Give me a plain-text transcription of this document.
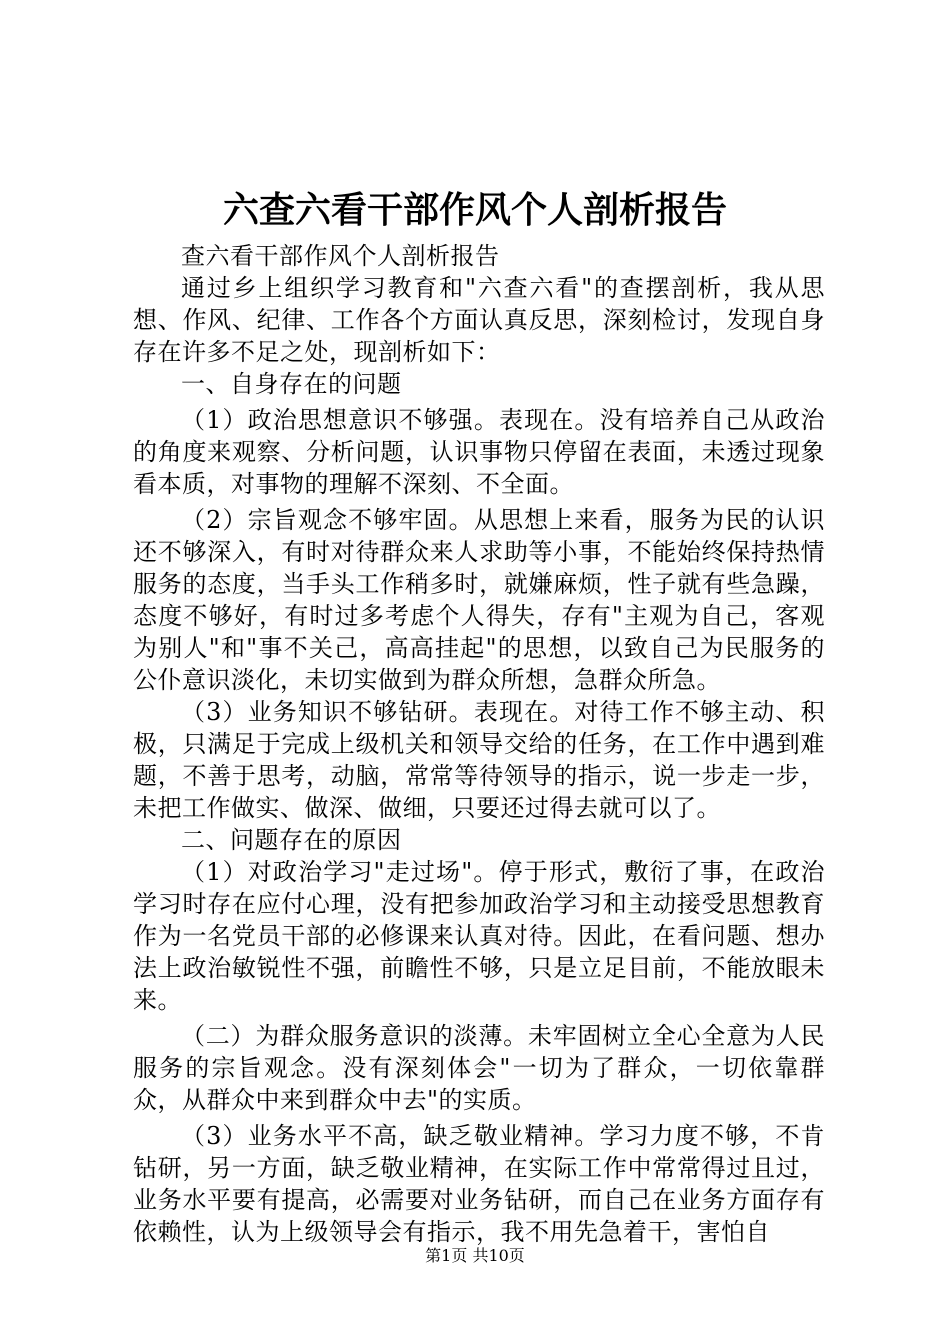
六查六看干部作风个人剖析报告

查六看干部作风个人剖析报告

通过乡上组织学习教育和"六查六看"的查摆剖析，我从思想、作风、纪律、工作各个方面认真反思，深刻检讨，发现自身存在许多不足之处，现剖析如下：

一、自身存在的问题

（1）政治思想意识不够强。表现在。没有培养自己从政治的角度来观察、分析问题，认识事物只停留在表面，未透过现象看本质，对事物的理解不深刻、不全面。

（2）宗旨观念不够牢固。从思想上来看，服务为民的认识还不够深入，有时对待群众来人求助等小事，不能始终保持热情服务的态度，当手头工作稍多时，就嫌麻烦，性子就有些急躁，态度不够好，有时过多考虑个人得失，存有"主观为自己，客观为别人"和"事不关己，高高挂起"的思想，以致自己为民服务的公仆意识淡化，未切实做到为群众所想，急群众所急。

（3）业务知识不够钻研。表现在。对待工作不够主动、积极，只满足于完成上级机关和领导交给的任务，在工作中遇到难题，不善于思考，动脑，常常等待领导的指示，说一步走一步，未把工作做实、做深、做细，只要还过得去就可以了。

二、问题存在的原因

（1）对政治学习"走过场"。停于形式，敷衍了事，在政治学习时存在应付心理，没有把参加政治学习和主动接受思想教育作为一名党员干部的必修课来认真对待。因此，在看问题、想办法上政治敏锐性不强，前瞻性不够，只是立足目前，不能放眼未来。

（二）为群众服务意识的淡薄。未牢固树立全心全意为人民服务的宗旨观念。没有深刻体会"一切为了群众，一切依靠群众，从群众中来到群众中去"的实质。

（3）业务水平不高，缺乏敬业精神。学习力度不够，不肯钻研，另一方面，缺乏敬业精神，在实际工作中常常得过且过，业务水平要有提高，必需要对业务钻研，而自己在业务方面存有依赖性，认为上级领导会有指示，我不用先急着干，害怕自

第1页 共10页
